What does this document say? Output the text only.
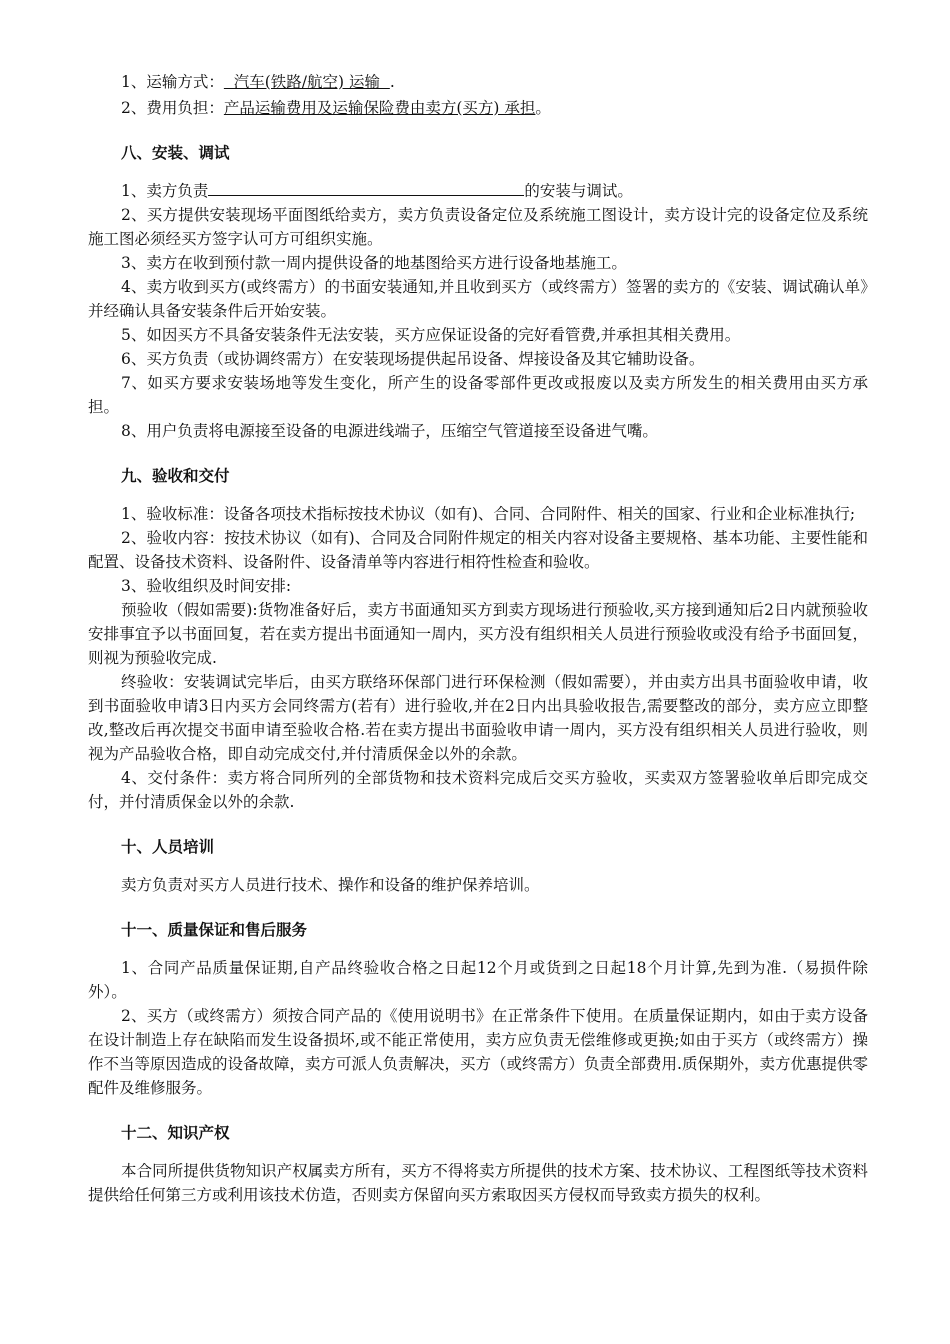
1、运输方式：  汽车(铁路/航空) 运输  .

2、费用负担：产品运输费用及运输保险费由卖方(买方) 承担。

八、安装、调试

1、卖方负责	的安装与调试。

2、买方提供安装现场平面图纸给卖方，卖方负责设备定位及系统施工图设计，卖方设计完的设备定位及系统施工图必须经买方签字认可方可组织实施。

3、卖方在收到预付款一周内提供设备的地基图给买方进行设备地基施工。

4、卖方收到买方(或终需方）的书面安装通知,并且收到买方（或终需方）签署的卖方的《安装、调试确认单》并经确认具备安装条件后开始安装。

5、如因买方不具备安装条件无法安装，买方应保证设备的完好看管费,并承担其相关费用。

6、买方负责（或协调终需方）在安装现场提供起吊设备、焊接设备及其它辅助设备。

7、如买方要求安装场地等发生变化，所产生的设备零部件更改或报废以及卖方所发生的相关费用由买方承担。

8、用户负责将电源接至设备的电源进线端子，压缩空气管道接至设备进气嘴。

九、验收和交付

1、验收标准：设备各项技术指标按技术协议（如有)、合同、合同附件、相关的国家、行业和企业标准执行;

2、验收内容：按技术协议（如有)、合同及合同附件规定的相关内容对设备主要规格、基本功能、主要性能和配置、设备技术资料、设备附件、设备清单等内容进行相符性检查和验收。

3、验收组织及时间安排:

预验收（假如需要):货物准备好后，卖方书面通知买方到卖方现场进行预验收,买方接到通知后2日内就预验收安排事宜予以书面回复，若在卖方提出书面通知一周内，买方没有组织相关人员进行预验收或没有给予书面回复，则视为预验收完成.

终验收：安装调试完毕后，由买方联络环保部门进行环保检测（假如需要），并由卖方出具书面验收申请，收到书面验收申请3日内买方会同终需方(若有）进行验收,并在2日内出具验收报告,需要整改的部分，卖方应立即整改,整改后再次提交书面申请至验收合格.若在卖方提出书面验收申请一周内，买方没有组织相关人员进行验收，则视为产品验收合格，即自动完成交付,并付清质保金以外的余款。

4、交付条件：卖方将合同所列的全部货物和技术资料完成后交买方验收，买卖双方签署验收单后即完成交付，并付清质保金以外的余款.

十、人员培训

卖方负责对买方人员进行技术、操作和设备的维护保养培训。

十一、质量保证和售后服务

1、合同产品质量保证期,自产品终验收合格之日起12个月或货到之日起18个月计算,先到为准.（易损件除外）。

2、买方（或终需方）须按合同产品的《使用说明书》在正常条件下使用。在质量保证期内，如由于卖方设备在设计制造上存在缺陷而发生设备损坏,或不能正常使用，卖方应负责无偿维修或更换;如由于买方（或终需方）操作不当等原因造成的设备故障，卖方可派人负责解决，买方（或终需方）负责全部费用.质保期外，卖方优惠提供零配件及维修服务。

十二、知识产权

本合同所提供货物知识产权属卖方所有，买方不得将卖方所提供的技术方案、技术协议、工程图纸等技术资料提供给任何第三方或利用该技术仿造，否则卖方保留向买方索取因买方侵权而导致卖方损失的权利。
